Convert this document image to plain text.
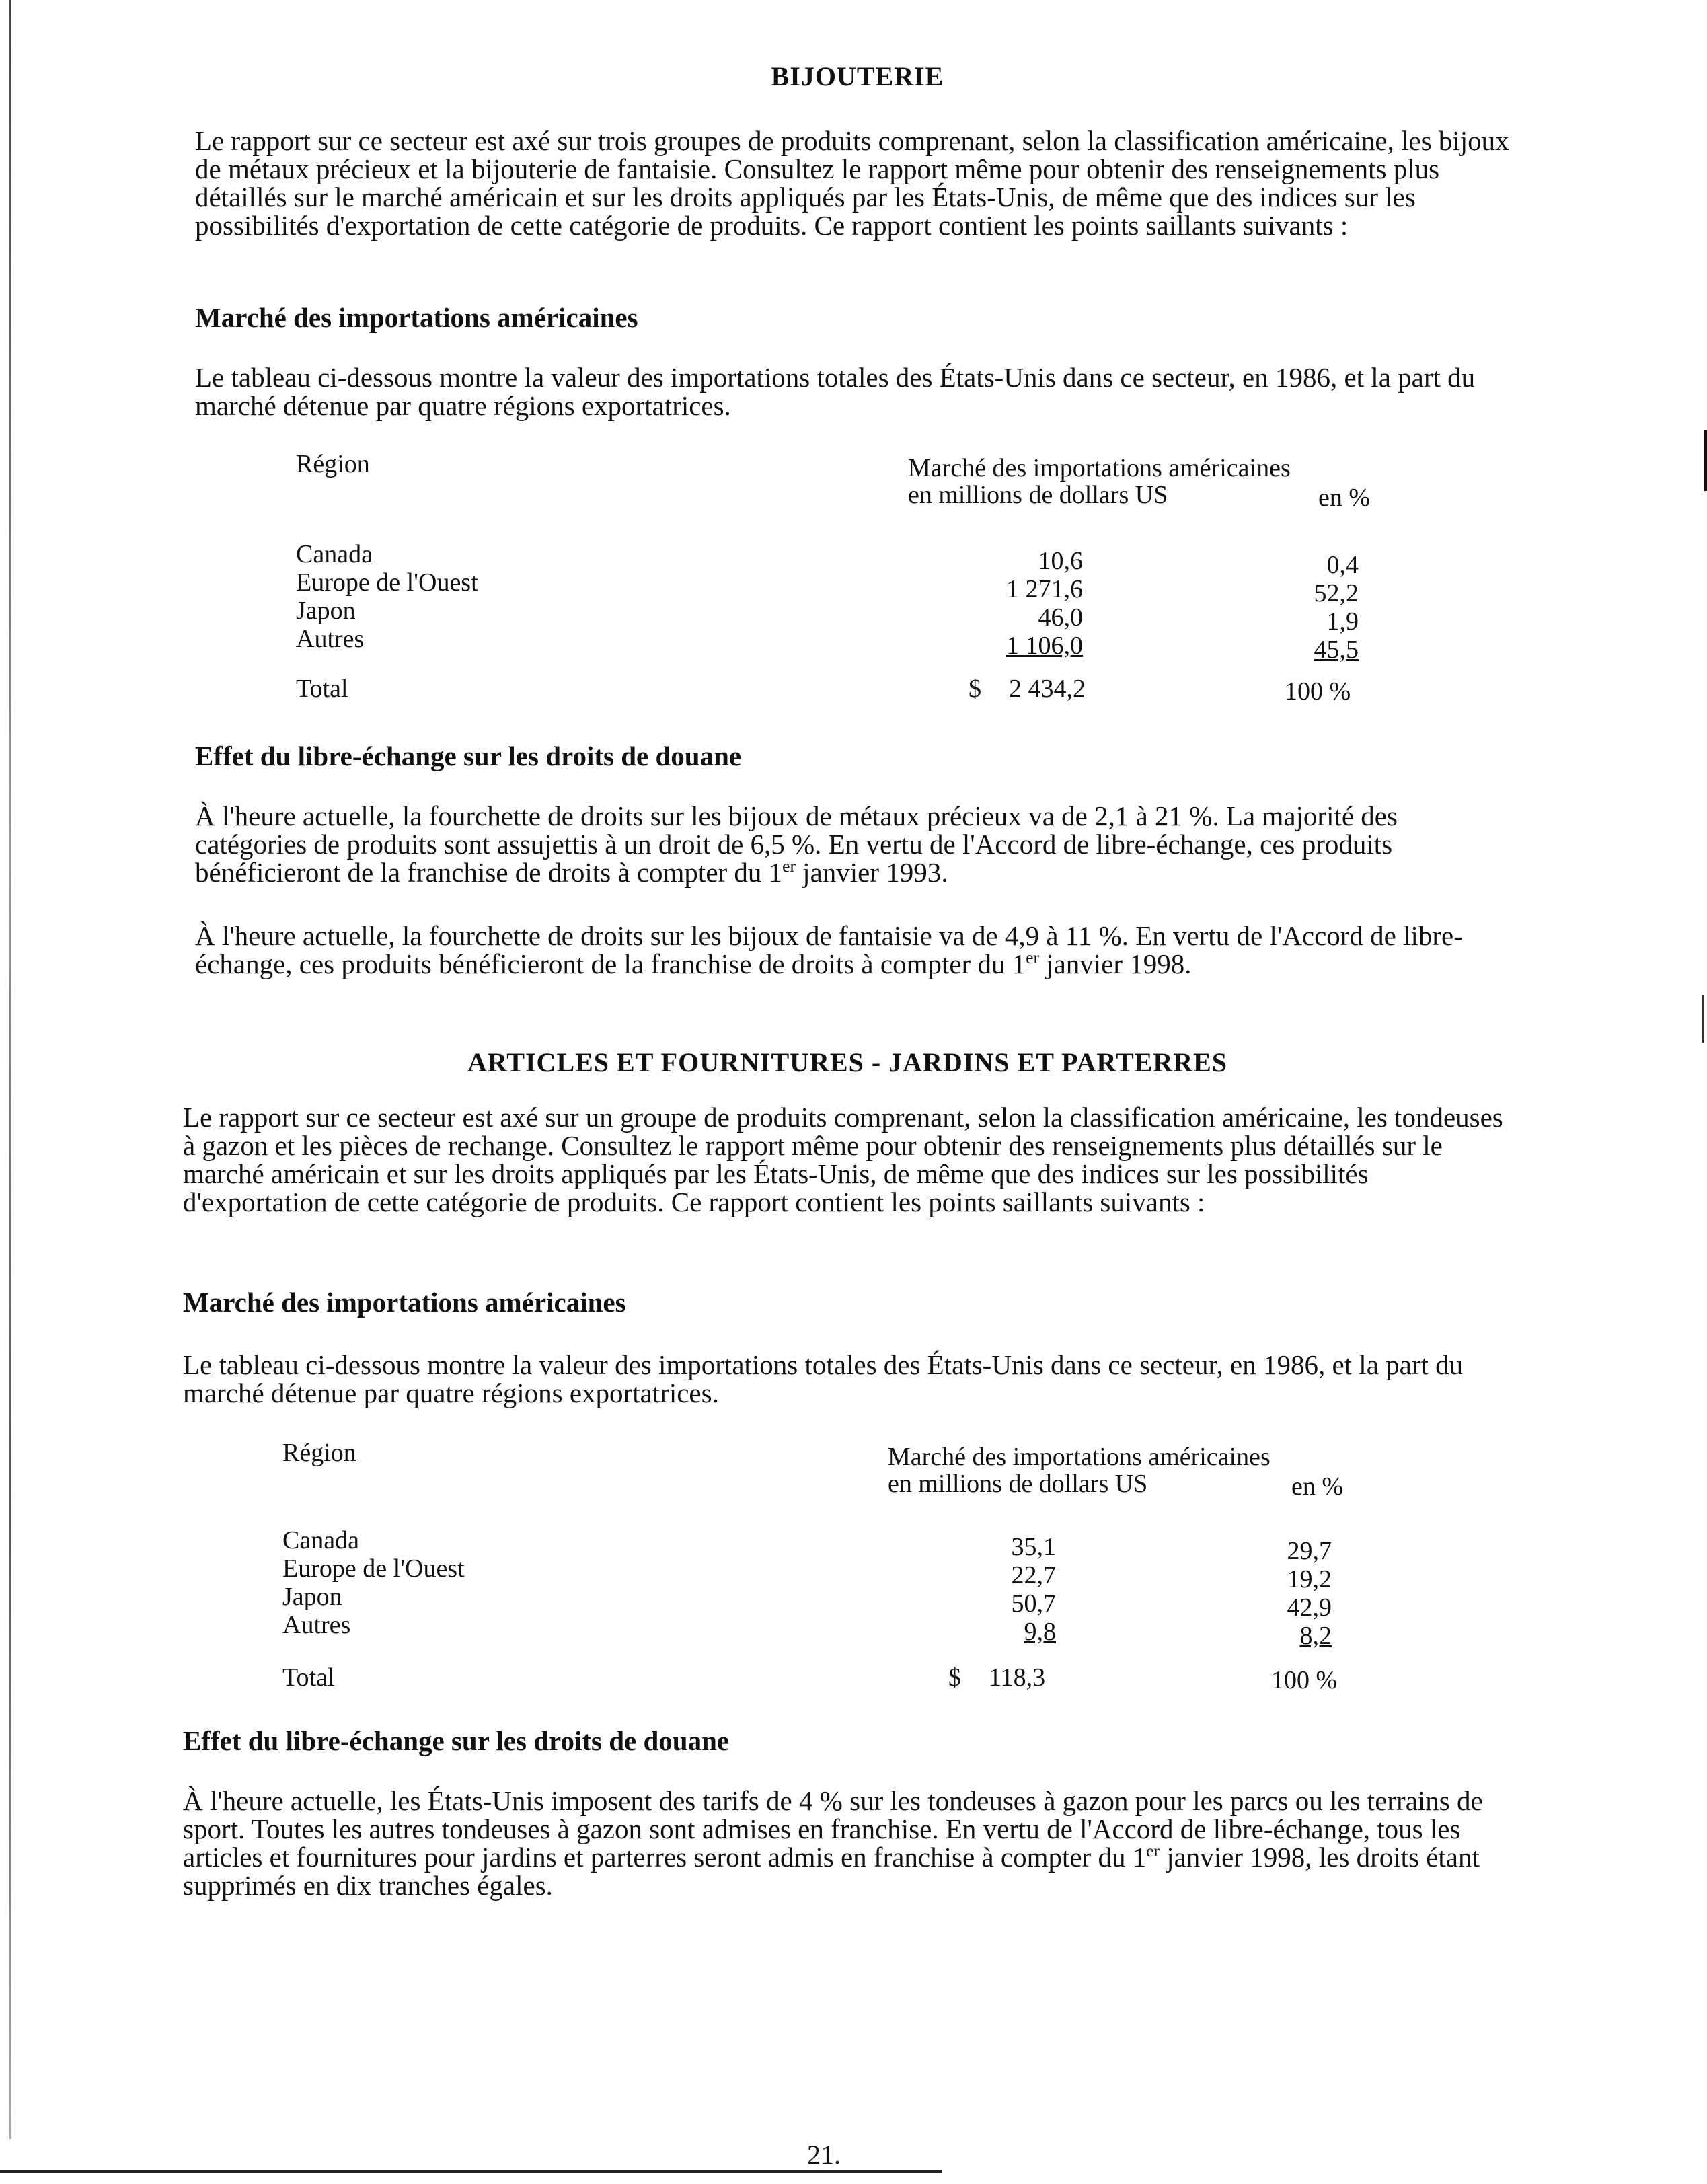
BIJOUTERIE
Le rapport sur ce secteur est axé sur trois groupes de produits comprenant, selon la classification américaine, les bijoux de métaux précieux et la bijouterie de fantaisie. Consultez le rapport même pour obtenir des renseignements plus détaillés sur le marché américain et sur les droits appliqués par les États-Unis, de même que des indices sur les possibilités d'exportation de cette catégorie de produits. Ce rapport contient les points saillants suivants :
Marché des importations américaines
Le tableau ci-dessous montre la valeur des importations totales des États-Unis dans ce secteur, en 1986, et la part du marché détenue par quatre régions exportatrices.
Région	Marché des importations américaines
en millions de dollars US	en %
Canada	10,6	0,4
Europe de l'Ouest	1 271,6	52,2
Japon	46,0	1,9
Autres	1 106,0	45,5
Total	$ 2 434,2	100 %
Effet du libre-échange sur les droits de douane
À l'heure actuelle, la fourchette de droits sur les bijoux de métaux précieux va de 2,1 à 21 %. La majorité des catégories de produits sont assujettis à un droit de 6,5 %. En vertu de l'Accord de libre-échange, ces produits bénéficieront de la franchise de droits à compter du 1er janvier 1993.
À l'heure actuelle, la fourchette de droits sur les bijoux de fantaisie va de 4,9 à 11 %. En vertu de l'Accord de libre-échange, ces produits bénéficieront de la franchise de droits à compter du 1er janvier 1998.
ARTICLES ET FOURNITURES - JARDINS ET PARTERRES
Le rapport sur ce secteur est axé sur un groupe de produits comprenant, selon la classification américaine, les tondeuses à gazon et les pièces de rechange. Consultez le rapport même pour obtenir des renseignements plus détaillés sur le marché américain et sur les droits appliqués par les États-Unis, de même que des indices sur les possibilités d'exportation de cette catégorie de produits. Ce rapport contient les points saillants suivants :
Marché des importations américaines
Le tableau ci-dessous montre la valeur des importations totales des États-Unis dans ce secteur, en 1986, et la part du marché détenue par quatre régions exportatrices.
Région	Marché des importations américaines
en millions de dollars US	en %
Canada	35,1	29,7
Europe de l'Ouest	22,7	19,2
Japon	50,7	42,9
Autres	9,8	8,2
Total	$ 118,3	100 %
Effet du libre-échange sur les droits de douane
À l'heure actuelle, les États-Unis imposent des tarifs de 4 % sur les tondeuses à gazon pour les parcs ou les terrains de sport. Toutes les autres tondeuses à gazon sont admises en franchise. En vertu de l'Accord de libre-échange, tous les articles et fournitures pour jardins et parterres seront admis en franchise à compter du 1er janvier 1998, les droits étant supprimés en dix tranches égales.
21.
